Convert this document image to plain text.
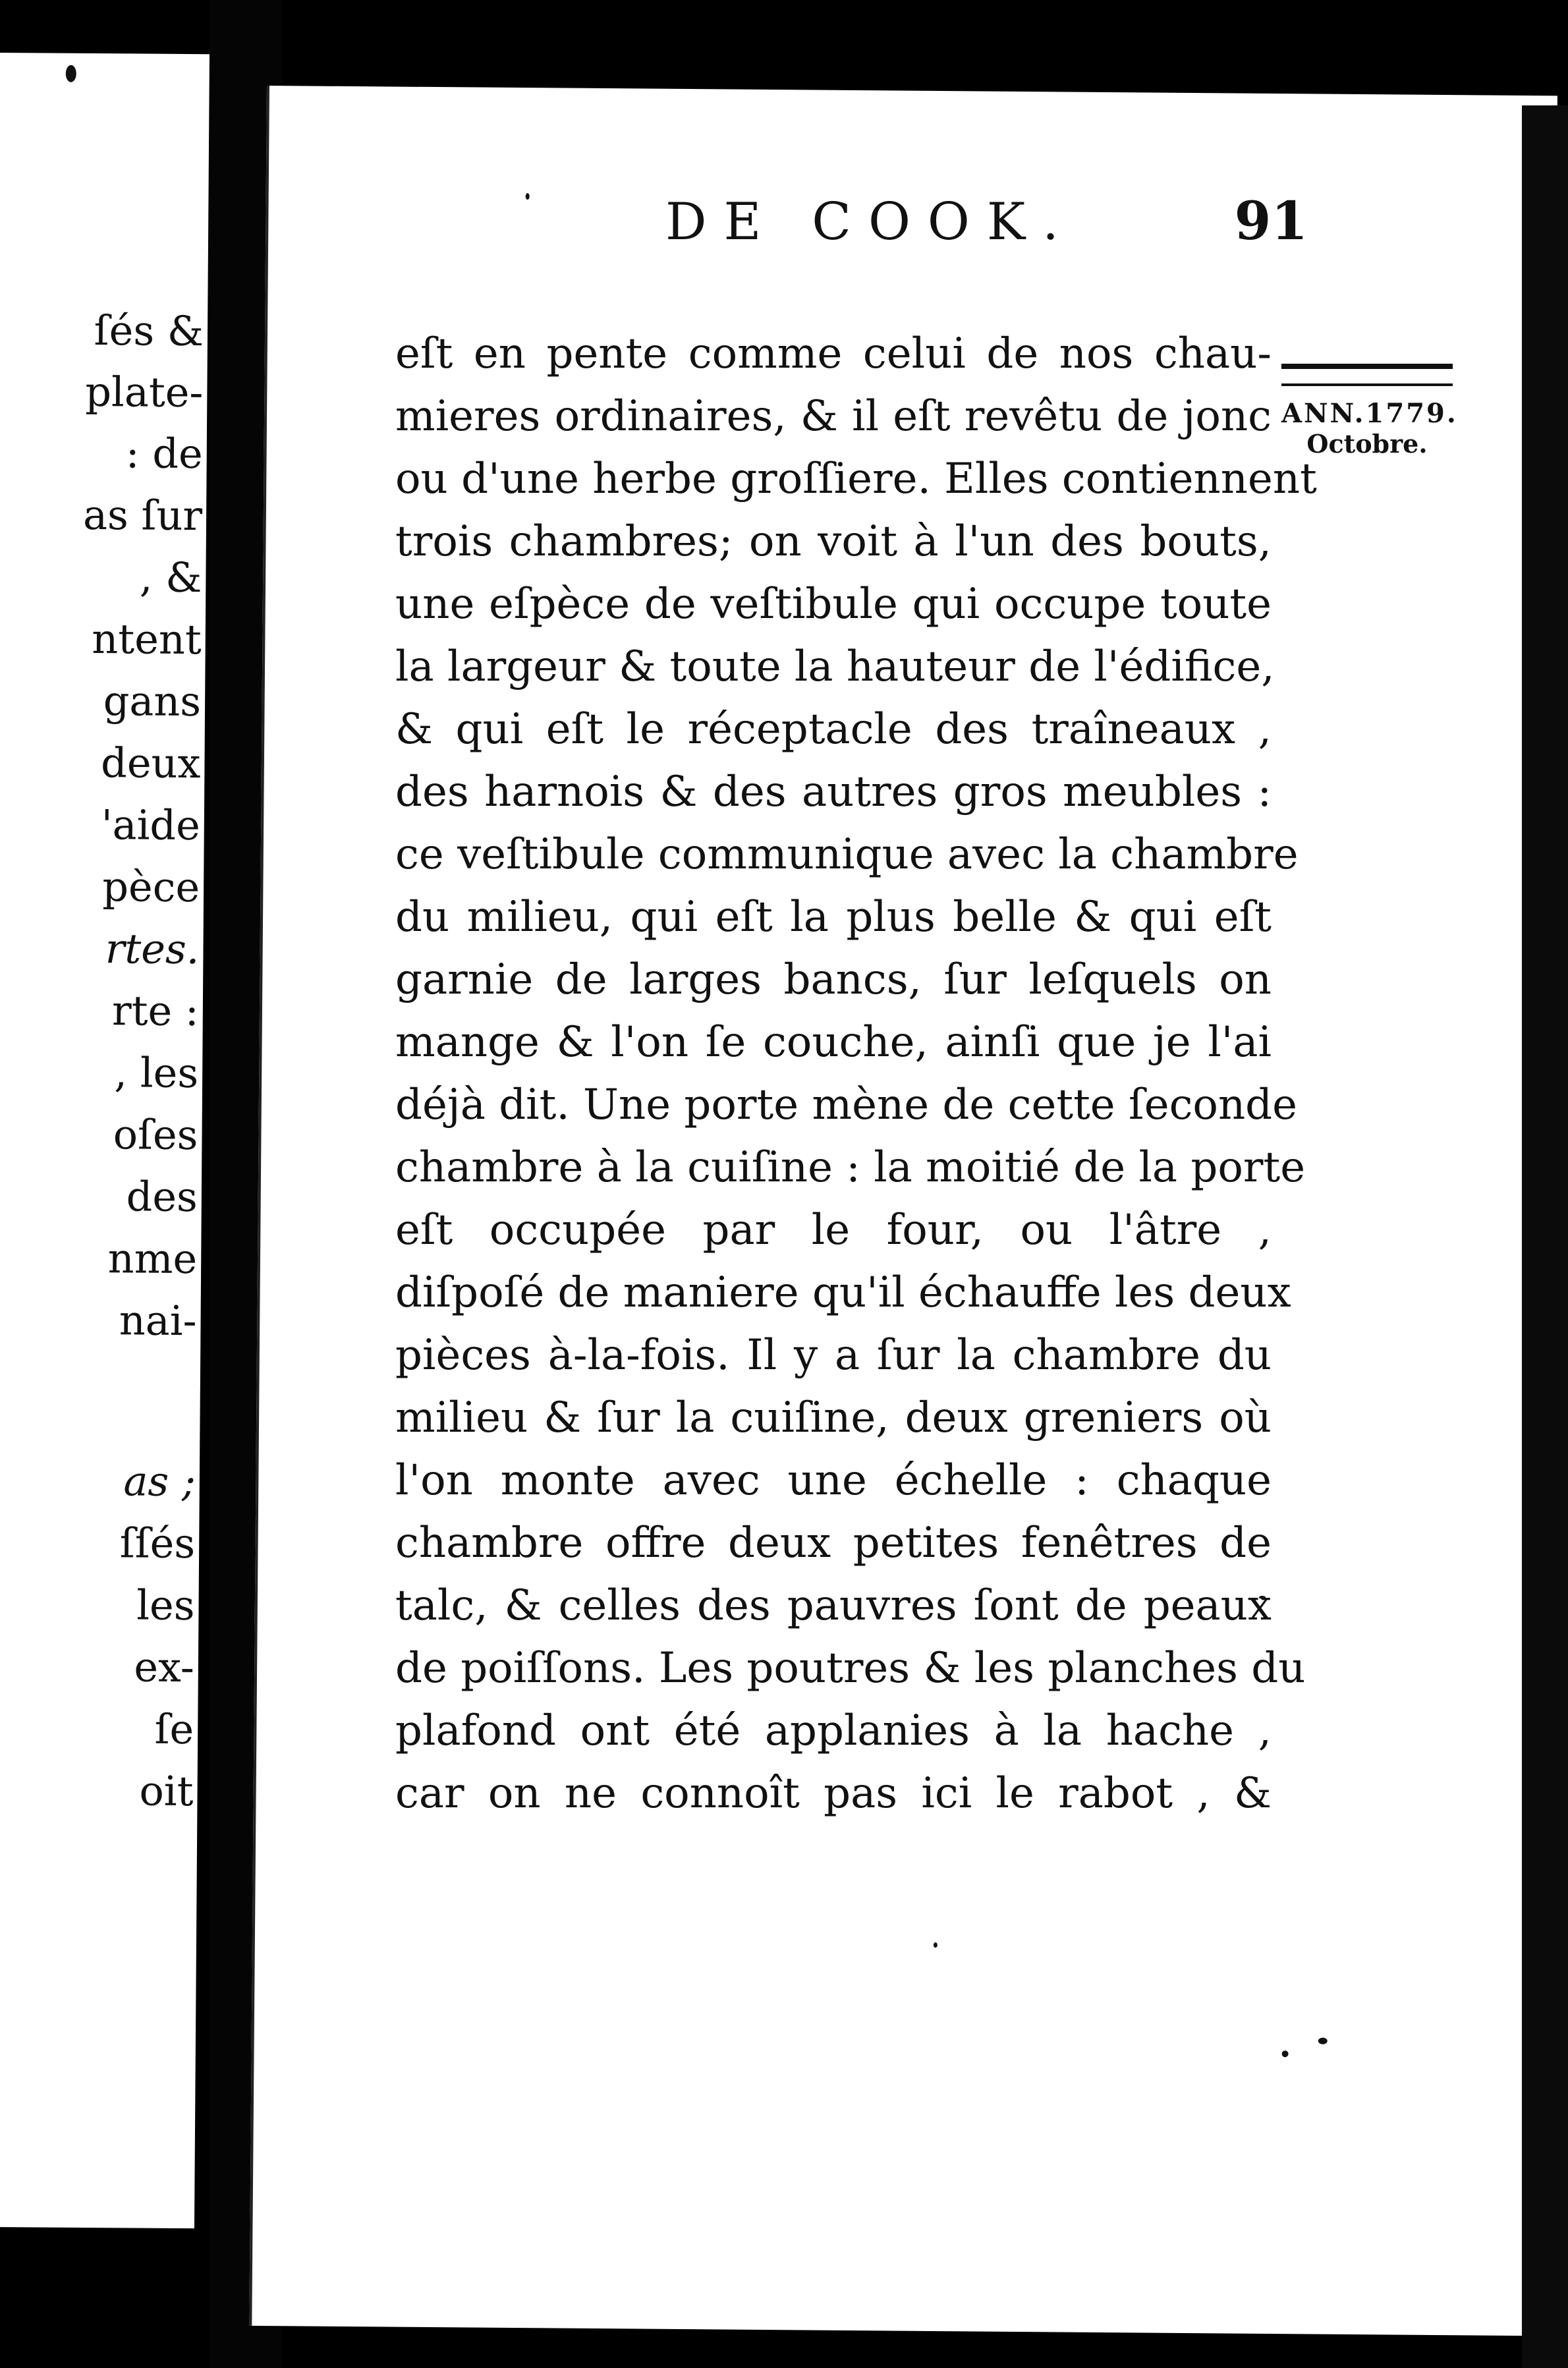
ſés &
plate-
: de
as ſur
, &
ntent
gans
deux
'aide
pèce
rtes.
rte :
, les
oſes
des
nme
nai-
as ;
ſſés
les
ex-
ſe
oit
DE COOK.	91
ANN.1779.
Octobre.
eſt en pente comme celui de nos chau-
mieres ordinaires, & il eſt revêtu de jonc
ou d'une herbe groſſiere. Elles contiennent
trois chambres; on voit à l'un des bouts,
une eſpèce de veſtibule qui occupe toute
la largeur & toute la hauteur de l'édifice,
& qui eſt le réceptacle des traîneaux ,
des harnois & des autres gros meubles :
ce veſtibule communique avec la chambre
du milieu, qui eſt la plus belle & qui eſt
garnie de larges bancs, ſur leſquels on
mange & l'on ſe couche, ainſi que je l'ai
déjà dit. Une porte mène de cette ſeconde
chambre à la cuiſine : la moitié de la porte
eſt occupée par le four, ou l'âtre ,
diſpoſé de maniere qu'il échauffe les deux
pièces à-la-fois. Il y a ſur la chambre du
milieu & ſur la cuiſine, deux greniers où
l'on monte avec une échelle : chaque
chambre offre deux petites fenêtres de
talc, & celles des pauvres ſont de peaux
de poiſſons. Les poutres & les planches du
plafond ont été applanies à la hache ,
car on ne connoît pas ici le rabot , &
